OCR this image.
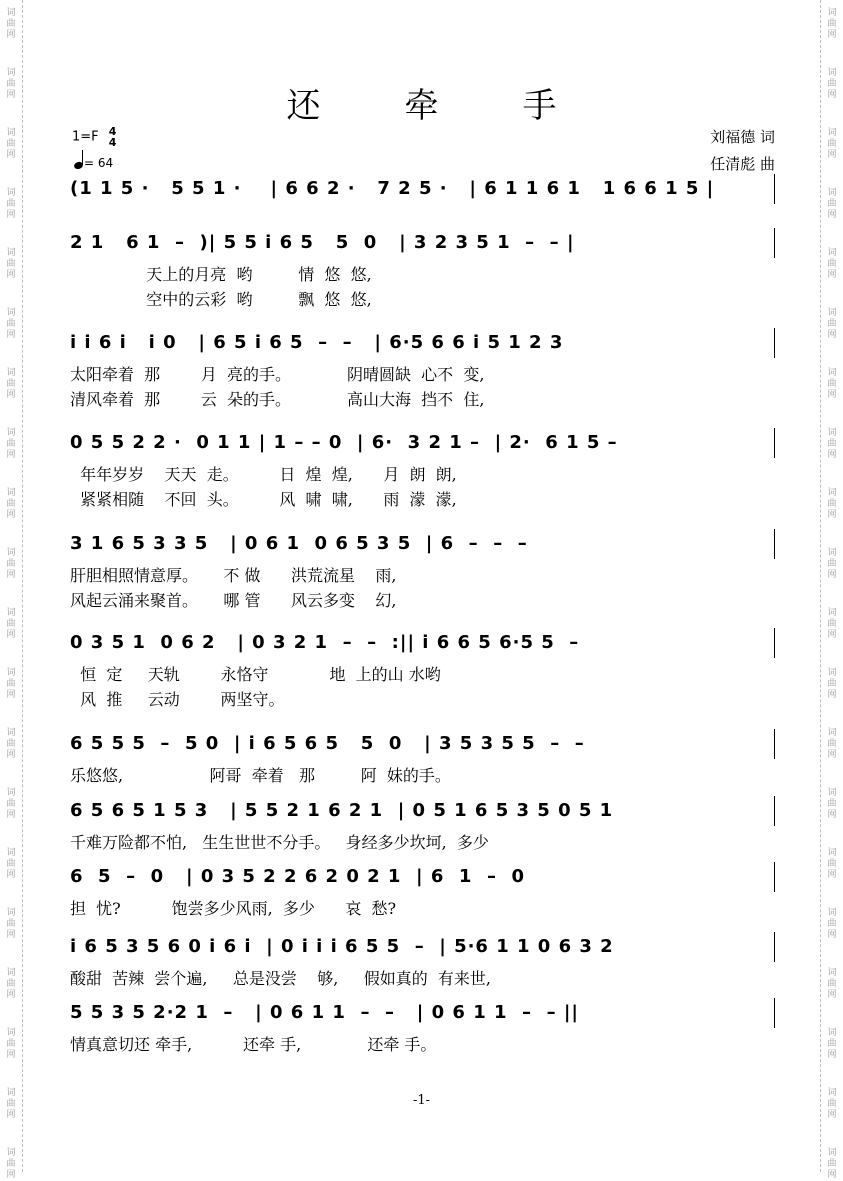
词
曲
网
词
曲
网
词
曲
网
词
曲
网
词
曲
网
词
曲
网
词
曲
网
词
曲
网
词
曲
网
词
曲
网
词
曲
网
词
曲
网
词
曲
网
词
曲
网
词
曲
网
词
曲
网
词
曲
网
词
曲
网
词
曲
网
词
曲
网
词
曲
网
词
曲
网
词
曲
网
词
曲
网
词
曲
网
词
曲
网
词
曲
网
词
曲
网
词
曲
网
词
曲
网
词
曲
网
词
曲
网
词
曲
网
词
曲
网
词
曲
网
词
曲
网
词
曲
网
词
曲
网
词
曲
网
词
曲
网
还 牵 手
1=F 4
4
= 64
刘福德 词
任清彪 曲
(1 1 5 ·   5 5 1 ·    | 6 6 2 ·   7 2 5 ·   | 6 1 1 6 1   1 6 6 1 5 |
2 1   6 1  –  )| 5 5 i 6 5   5  0   | 3 2 3 5 1  –  – |
天上的月亮  哟         情  悠  悠,
空中的云彩  哟         飘  悠  悠,
i i 6 i   i 0   | 6 5 i 6 5  –  –   | 6·5 6 6 i 5 1 2 3
太阳牵着  那        月  亮的手。           阴晴圆缺  心不  变,
清风牵着  那        云  朵的手。           高山大海  挡不  住,
0 5 5 2 2 ·  0 1 1 | 1 – – 0  | 6·  3 2 1 –  | 2·  6 1 5 –
年年岁岁    天天  走。        日  煌  煌,      月  朗  朗,
紧紧相随    不回  头。        风  啸  啸,      雨  濛  濛,
3 1 6 5 3 3 5   | 0 6 1  0 6 5 3 5  | 6  –  –  –
肝胆相照情意厚。     不 做      洪荒流星    雨,
风起云涌来聚首。     哪 管      风云多变    幻,
0 3 5 1  0 6 2   | 0 3 2 1  –  –  :|| i 6 6 5 6·5 5  –
恒  定     天轨        永恪守            地  上的山 水哟
风  推     云动        两坚守。
6 5 5 5  –  5 0  | i 6 5 6 5   5  0   | 3 5 3 5 5  –  –
乐悠悠,                 阿哥  牵着   那         阿  妹的手。
6 5 6 5 1 5 3   | 5 5 2 1 6 2 1  | 0 5 1 6 5 3 5 0 5 1
千难万险都不怕,   生生世世不分手。   身经多少坎坷,  多少
6  5  –  0   | 0 3 5 2 2 6 2 0 2 1  | 6  1  –  0
担  忧?          饱尝多少风雨,  多少      哀  愁?
i 6 5 3 5 6 0 i 6 i  | 0 i i i 6 5 5  –  | 5·6 1 1 0 6 3 2
酸甜  苦辣  尝个遍,     总是没尝    够,     假如真的  有来世,
5 5 3 5 2·2 1  –   | 0 6 1 1  –  –   | 0 6 1 1  –  – ||
情真意切还 牵手,          还牵 手,             还牵 手。
-1-
